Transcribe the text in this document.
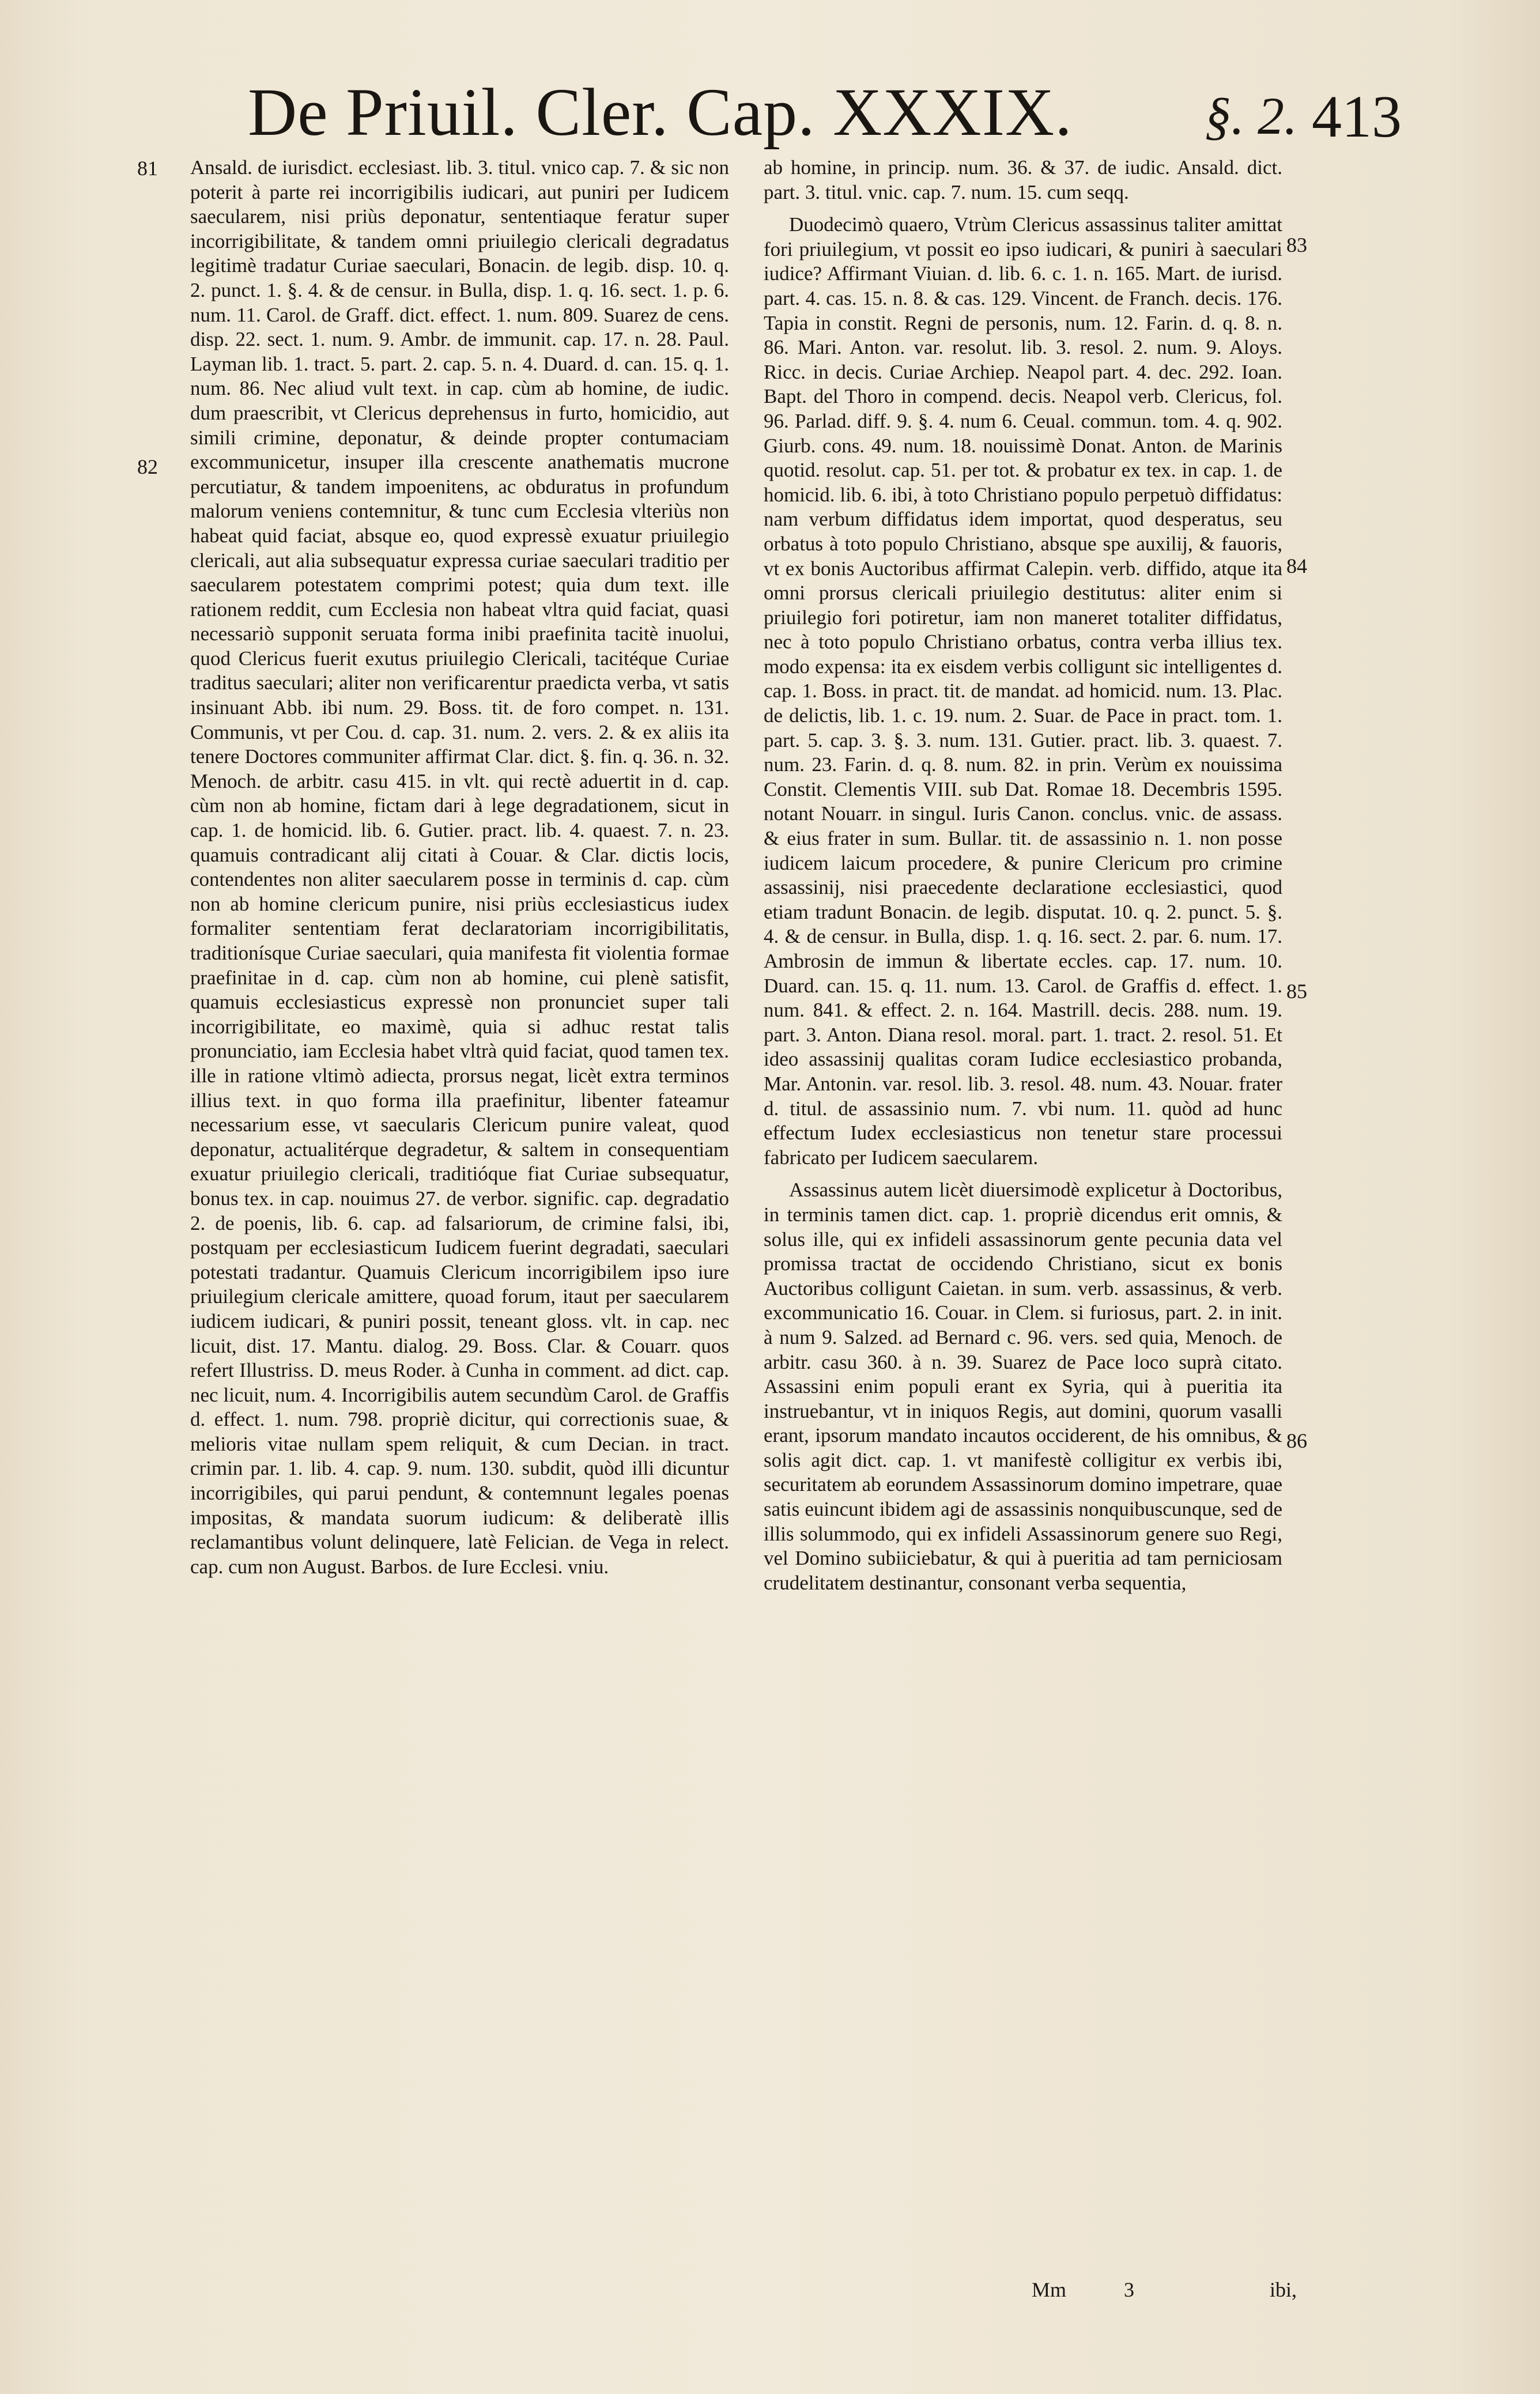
De Priuil. Cler. Cap. XXXIX. §. 2. 413
81
82
83
84
85
86

Ansald. de iurisdict. ecclesiast. lib. 3. titul. vnico cap. 7. & sic non poterit à parte rei incorrigibilis iudicari, aut puniri per Iudicem saecularem, nisi priùs deponatur, sententiaque feratur super incorrigibilitate, & tandem omni priuilegio clericali degradatus legitimè tradatur Curiae saeculari, Bonacin. de legib. disp. 10. q. 2. punct. 1. §. 4. & de censur. in Bulla, disp. 1. q. 16. sect. 1. p. 6. num. 11. Carol. de Graff. dict. effect. 1. num. 809. Suarez de cens. disp. 22. sect. 1. num. 9. Ambr. de immunit. cap. 17. n. 28. Paul. Layman lib. 1. tract. 5. part. 2. cap. 5. n. 4. Duard. d. can. 15. q. 1. num. 86. Nec aliud vult text. in cap. cùm ab homine, de iudic. dum praescribit, vt Clericus deprehensus in furto, homicidio, aut simili crimine, deponatur, & deinde propter contumaciam excommunicetur, insuper illa crescente anathematis mucrone percutiatur, & tandem impoenitens, ac obduratus in profundum malorum veniens contemnitur, & tunc cum Ecclesia vlteriùs non habeat quid faciat, absque eo, quod expressè exuatur priuilegio clericali, aut alia subsequatur expressa curiae saeculari traditio per saecularem potestatem comprimi potest; quia dum text. ille rationem reddit, cum Ecclesia non habeat vltra quid faciat, quasi necessariò supponit seruata forma inibi praefinita tacitè inuolui, quod Clericus fuerit exutus priuilegio Clericali, tacitéque Curiae traditus saeculari; aliter non verificarentur praedicta verba, vt satis insinuant Abb. ibi num. 29. Boss. tit. de foro compet. n. 131. Communis, vt per Cou. d. cap. 31. num. 2. vers. 2. & ex aliis ita tenere Doctores communiter affirmat Clar. dict. §. fin. q. 36. n. 32. Menoch. de arbitr. casu 415. in vlt. qui rectè aduertit in d. cap. cùm non ab homine, fictam dari à lege degradationem, sicut in cap. 1. de homicid. lib. 6. Gutier. pract. lib. 4. quaest. 7. n. 23. quamuis contradicant alij citati à Couar. & Clar. dictis locis, contendentes non aliter saecularem posse in terminis d. cap. cùm non ab homine clericum punire, nisi priùs ecclesiasticus iudex formaliter sententiam ferat declaratoriam incorrigibilitatis, traditionísque Curiae saeculari, quia manifesta fit violentia formae praefinitae in d. cap. cùm non ab homine, cui plenè satisfit, quamuis ecclesiasticus expressè non pronunciet super tali incorrigibilitate, eo maximè, quia si adhuc restat talis pronunciatio, iam Ecclesia habet vltrà quid faciat, quod tamen tex. ille in ratione vltimò adiecta, prorsus negat, licèt extra terminos illius text. in quo forma illa praefinitur, libenter fateamur necessarium esse, vt saecularis Clericum punire valeat, quod deponatur, actualitérque degradetur, & saltem in consequentiam exuatur priuilegio clericali, traditióque fiat Curiae subsequatur, bonus tex. in cap. nouimus 27. de verbor. signific. cap. degradatio 2. de poenis, lib. 6. cap. ad falsariorum, de crimine falsi, ibi, postquam per ecclesiasticum Iudicem fuerint degradati, saeculari potestati tradantur. Quamuis Clericum incorrigibilem ipso iure priuilegium clericale amittere, quoad forum, itaut per saecularem iudicem iudicari, & puniri possit, teneant gloss. vlt. in cap. nec licuit, dist. 17. Mantu. dialog. 29. Boss. Clar. & Couarr. quos refert Illustriss. D. meus Roder. à Cunha in comment. ad dict. cap. nec licuit, num. 4. Incorrigibilis autem secundùm Carol. de Graffis d. effect. 1. num. 798. propriè dicitur, qui correctionis suae, & melioris vitae nullam spem reliquit, & cum Decian. in tract. crimin par. 1. lib. 4. cap. 9. num. 130. subdit, quòd illi dicuntur incorrigibiles, qui parui pendunt, & contemnunt legales poenas impositas, & mandata suorum iudicum: & deliberatè illis reclamantibus volunt delinquere, latè Felician. de Vega in relect. cap. cum non August. Barbos. de Iure Ecclesi. vniu.

ab homine, in princip. num. 36. & 37. de iudic. Ansald. dict. part. 3. titul. vnic. cap. 7. num. 15. cum seqq.

Duodecimò quaero, Vtrùm Clericus assassinus taliter amittat fori priuilegium, vt possit eo ipso iudicari, & puniri à saeculari iudice? Affirmant Viuian. d. lib. 6. c. 1. n. 165. Mart. de iurisd. part. 4. cas. 15. n. 8. & cas. 129. Vincent. de Franch. decis. 176. Tapia in constit. Regni de personis, num. 12. Farin. d. q. 8. n. 86. Mari. Anton. var. resolut. lib. 3. resol. 2. num. 9. Aloys. Ricc. in decis. Curiae Archiep. Neapol part. 4. dec. 292. Ioan. Bapt. del Thoro in compend. decis. Neapol verb. Clericus, fol. 96. Parlad. diff. 9. §. 4. num 6. Ceual. commun. tom. 4. q. 902. Giurb. cons. 49. num. 18. nouissimè Donat. Anton. de Marinis quotid. resolut. cap. 51. per tot. & probatur ex tex. in cap. 1. de homicid. lib. 6. ibi, à toto Christiano populo perpetuò diffidatus: nam verbum diffidatus idem importat, quod desperatus, seu orbatus à toto populo Christiano, absque spe auxilij, & fauoris, vt ex bonis Auctoribus affirmat Calepin. verb. diffido, atque ita omni prorsus clericali priuilegio destitutus: aliter enim si priuilegio fori potiretur, iam non maneret totaliter diffidatus, nec à toto populo Christiano orbatus, contra verba illius tex. modo expensa: ita ex eisdem verbis colligunt sic intelligentes d. cap. 1. Boss. in pract. tit. de mandat. ad homicid. num. 13. Plac. de delictis, lib. 1. c. 19. num. 2. Suar. de Pace in pract. tom. 1. part. 5. cap. 3. §. 3. num. 131. Gutier. pract. lib. 3. quaest. 7. num. 23. Farin. d. q. 8. num. 82. in prin. Verùm ex nouissima Constit. Clementis VIII. sub Dat. Romae 18. Decembris 1595. notant Nouarr. in singul. Iuris Canon. conclus. vnic. de assass. & eius frater in sum. Bullar. tit. de assassinio n. 1. non posse iudicem laicum procedere, & punire Clericum pro crimine assassinij, nisi praecedente declaratione ecclesiastici, quod etiam tradunt Bonacin. de legib. disputat. 10. q. 2. punct. 5. §. 4. & de censur. in Bulla, disp. 1. q. 16. sect. 2. par. 6. num. 17. Ambrosin de immun & libertate eccles. cap. 17. num. 10. Duard. can. 15. q. 11. num. 13. Carol. de Graffis d. effect. 1. num. 841. & effect. 2. n. 164. Mastrill. decis. 288. num. 19. part. 3. Anton. Diana resol. moral. part. 1. tract. 2. resol. 51. Et ideo assassinij qualitas coram Iudice ecclesiastico probanda, Mar. Antonin. var. resol. lib. 3. resol. 48. num. 43. Nouar. frater d. titul. de assassinio num. 7. vbi num. 11. quòd ad hunc effectum Iudex ecclesiasticus non tenetur stare processui fabricato per Iudicem saecularem.

Assassinus autem licèt diuersimodè explicetur à Doctoribus, in terminis tamen dict. cap. 1. propriè dicendus erit omnis, & solus ille, qui ex infideli assassinorum gente pecunia data vel promissa tractat de occidendo Christiano, sicut ex bonis Auctoribus colligunt Caietan. in sum. verb. assassinus, & verb. excommunicatio 16. Couar. in Clem. si furiosus, part. 2. in init. à num 9. Salzed. ad Bernard c. 96. vers. sed quia, Menoch. de arbitr. casu 360. à n. 39. Suarez de Pace loco suprà citato. Assassini enim populi erant ex Syria, qui à pueritia ita instruebantur, vt in iniquos Regis, aut domini, quorum vasalli erant, ipsorum mandato incautos occiderent, de his omnibus, & solis agit dict. cap. 1. vt manifestè colligitur ex verbis ibi, securitatem ab eorundem Assassinorum domino impetrare, quae satis euincunt ibidem agi de assassinis nonquibuscunque, sed de illis solummodo, qui ex infideli Assassinorum genere suo Regi, vel Domino subiiciebatur, & qui à pueritia ad tam perniciosam crudelitatem destinantur, consonant verba sequentia,

Mm	3	ibi,
